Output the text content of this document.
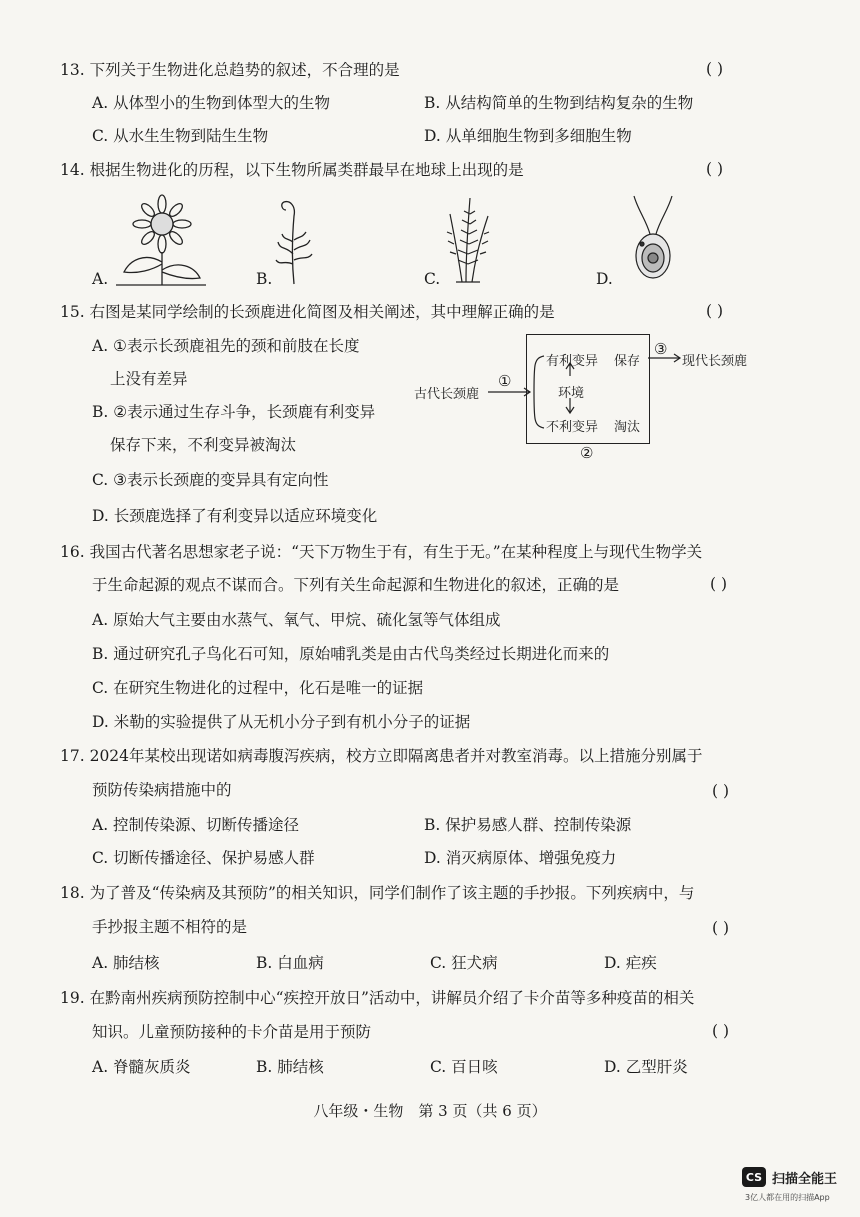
13. 下列关于生物进化总趋势的叙述，不合理的是	( )
A. 从体型小的生物到体型大的生物	B. 从结构简单的生物到结构复杂的生物
C. 从水生生物到陆生生物	D. 从单细胞生物到多细胞生物
14. 根据生物进化的历程，以下生物所属类群最早在地球上出现的是	( )
A.	B.	C.	D.
15. 右图是某同学绘制的长颈鹿进化简图及相关阐述，其中理解正确的是	( )
A. ①表示长颈鹿祖先的颈和前肢在长度
上没有差异
B. ②表示通过生存斗争，长颈鹿有利变异
保存下来，不利变异被淘汰
C. ③表示长颈鹿的变异具有定向性
D. 长颈鹿选择了有利变异以适应环境变化
古代长颈鹿
①
有利变异 保存
环境
不利变异 淘汰
③
现代长颈鹿
②
16. 我国古代著名思想家老子说：“天下万物生于有，有生于无。”在某种程度上与现代生物学关
于生命起源的观点不谋而合。下列有关生命起源和生物进化的叙述，正确的是	( )
A. 原始大气主要由水蒸气、氧气、甲烷、硫化氢等气体组成
B. 通过研究孔子鸟化石可知，原始哺乳类是由古代鸟类经过长期进化而来的
C. 在研究生物进化的过程中，化石是唯一的证据
D. 米勒的实验提供了从无机小分子到有机小分子的证据
17. 2024年某校出现诺如病毒腹泻疾病，校方立即隔离患者并对教室消毒。以上措施分别属于
预防传染病措施中的	( )
A. 控制传染源、切断传播途径	B. 保护易感人群、控制传染源
C. 切断传播途径、保护易感人群	D. 消灭病原体、增强免疫力
18. 为了普及“传染病及其预防”的相关知识，同学们制作了该主题的手抄报。下列疾病中，与
手抄报主题不相符的是	( )
A. 肺结核	B. 白血病	C. 狂犬病	D. 疟疾
19. 在黔南州疾病预防控制中心“疾控开放日”活动中，讲解员介绍了卡介苗等多种疫苗的相关
知识。儿童预防接种的卡介苗是用于预防	( )
A. 脊髓灰质炎	B. 肺结核	C. 百日咳	D. 乙型肝炎
八年级・生物　第 3 页（共 6 页）
CS 扫描全能王
3亿人都在用的扫描App
